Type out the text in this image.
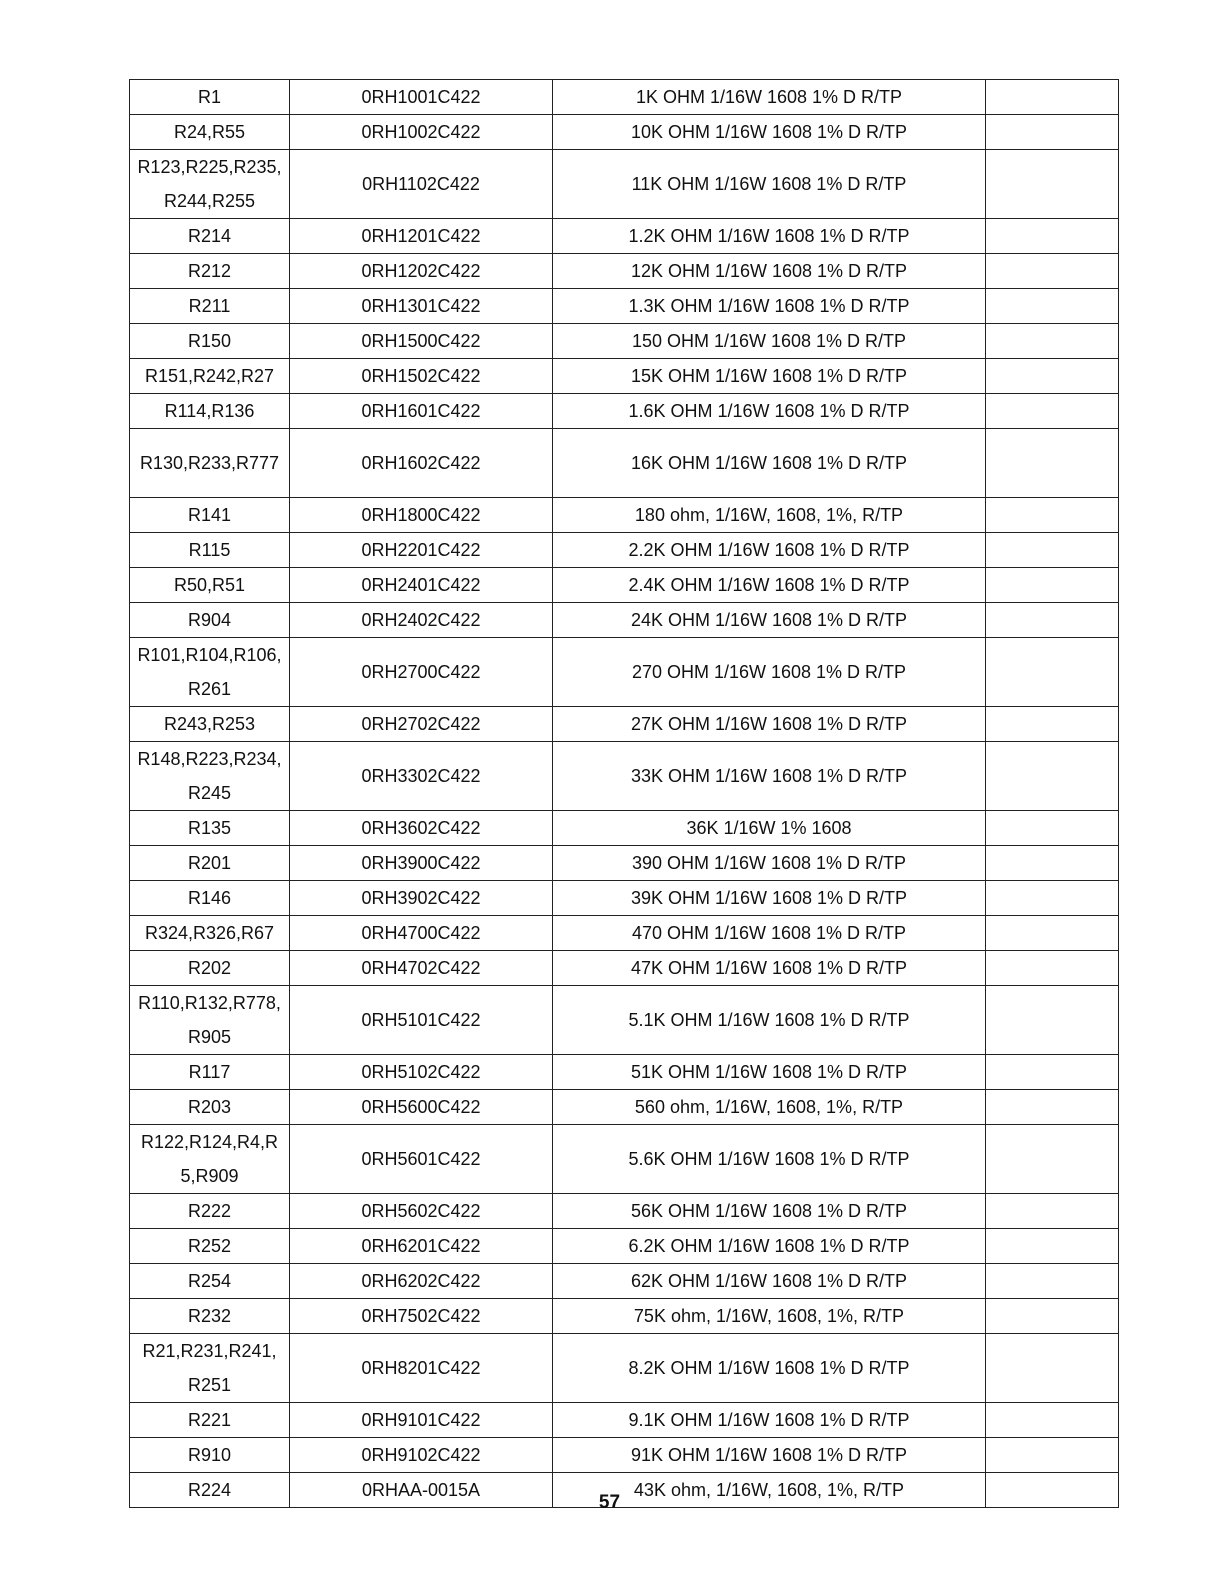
R1	0RH1001C422	1K OHM 1/16W 1608 1% D R/TP	
R24,R55	0RH1002C422	10K OHM 1/16W 1608 1% D R/TP	
R123,R225,R235,R244,R255	0RH1102C422	11K OHM 1/16W 1608 1% D R/TP	
R214	0RH1201C422	1.2K OHM 1/16W 1608 1% D R/TP	
R212	0RH1202C422	12K OHM 1/16W 1608 1% D R/TP	
R211	0RH1301C422	1.3K OHM 1/16W 1608 1% D R/TP	
R150	0RH1500C422	150 OHM 1/16W 1608 1% D R/TP	
R151,R242,R27	0RH1502C422	15K OHM 1/16W 1608 1% D R/TP	
R114,R136	0RH1601C422	1.6K OHM 1/16W 1608 1% D R/TP	
R130,R233,R777	0RH1602C422	16K OHM 1/16W 1608 1% D R/TP	
R141	0RH1800C422	180 ohm, 1/16W, 1608, 1%, R/TP	
R115	0RH2201C422	2.2K OHM 1/16W 1608 1% D R/TP	
R50,R51	0RH2401C422	2.4K OHM 1/16W 1608 1% D R/TP	
R904	0RH2402C422	24K OHM 1/16W 1608 1% D R/TP	
R101,R104,R106,R261	0RH2700C422	270 OHM 1/16W 1608 1% D R/TP	
R243,R253	0RH2702C422	27K OHM 1/16W 1608 1% D R/TP	
R148,R223,R234,R245	0RH3302C422	33K OHM 1/16W 1608 1% D R/TP	
R135	0RH3602C422	36K 1/16W 1% 1608	
R201	0RH3900C422	390 OHM 1/16W 1608 1% D R/TP	
R146	0RH3902C422	39K OHM 1/16W 1608 1% D R/TP	
R324,R326,R67	0RH4700C422	470 OHM 1/16W 1608 1% D R/TP	
R202	0RH4702C422	47K OHM 1/16W 1608 1% D R/TP	
R110,R132,R778,R905	0RH5101C422	5.1K OHM 1/16W 1608 1% D R/TP	
R117	0RH5102C422	51K OHM 1/16W 1608 1% D R/TP	
R203	0RH5600C422	560 ohm, 1/16W, 1608, 1%, R/TP	
R122,R124,R4,R5,R909	0RH5601C422	5.6K OHM 1/16W 1608 1% D R/TP	
R222	0RH5602C422	56K OHM 1/16W 1608 1% D R/TP	
R252	0RH6201C422	6.2K OHM 1/16W 1608 1% D R/TP	
R254	0RH6202C422	62K OHM 1/16W 1608 1% D R/TP	
R232	0RH7502C422	75K ohm, 1/16W, 1608, 1%, R/TP	
R21,R231,R241,R251	0RH8201C422	8.2K OHM 1/16W 1608 1% D R/TP	
R221	0RH9101C422	9.1K OHM 1/16W 1608 1% D R/TP	
R910	0RH9102C422	91K OHM 1/16W 1608 1% D R/TP	
R224	0RHAA-0015A	43K ohm, 1/16W, 1608, 1%, R/TP	
57
